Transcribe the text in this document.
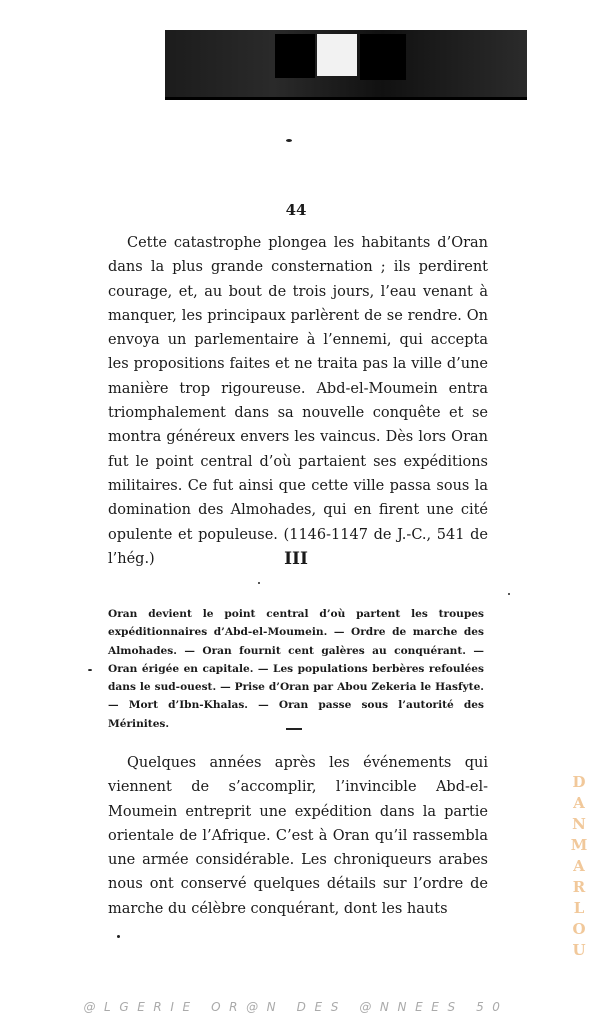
44

Cette catastrophe plongea les habitants d’Oran dans la plus grande consternation ; ils perdirent courage, et, au bout de trois jours, l’eau venant à manquer, les principaux parlèrent de se rendre. On envoya un parlementaire à l’ennemi, qui accepta les propositions faites et ne traita pas la ville d’une manière trop rigoureuse. Abd-el-Moumein entra triomphalement dans sa nouvelle conquête et se montra généreux envers les vaincus. Dès lors Oran fut le point central d’où partaient ses expéditions militaires. Ce fut ainsi que cette ville passa sous la domination des Almohades, qui en firent une cité opulente et populeuse. (1146-1147 de J.-C., 541 de l’hég.)	III

Oran devient le point central d’où partent les troupes expéditionnaires d’Abd-el-Moumein. — Ordre de marche des Almohades. — Oran fournit cent galères au conquérant. — Oran érigée en capitale. — Les populations berbères refoulées dans le sud-ouest. — Prise d’Oran par Abou Zekeria le Hasfyte. — Mort d’Ibn-Khalas. — Oran passe sous l’autorité des Mérinites.

Quelques années après les événements qui viennent de s’accomplir, l’invincible Abd-el-Moumein entreprit une expédition dans la partie orientale de l’Afrique. C’est à Oran qu’il rassembla une armée considérable. Les chroniqueurs arabes nous ont conservé quelques détails sur l’ordre de marche du célèbre conquérant, dont les hauts

D
A
N
M
A
R
L
O
U
@LGERIE OR@N DES @NNEES 50
